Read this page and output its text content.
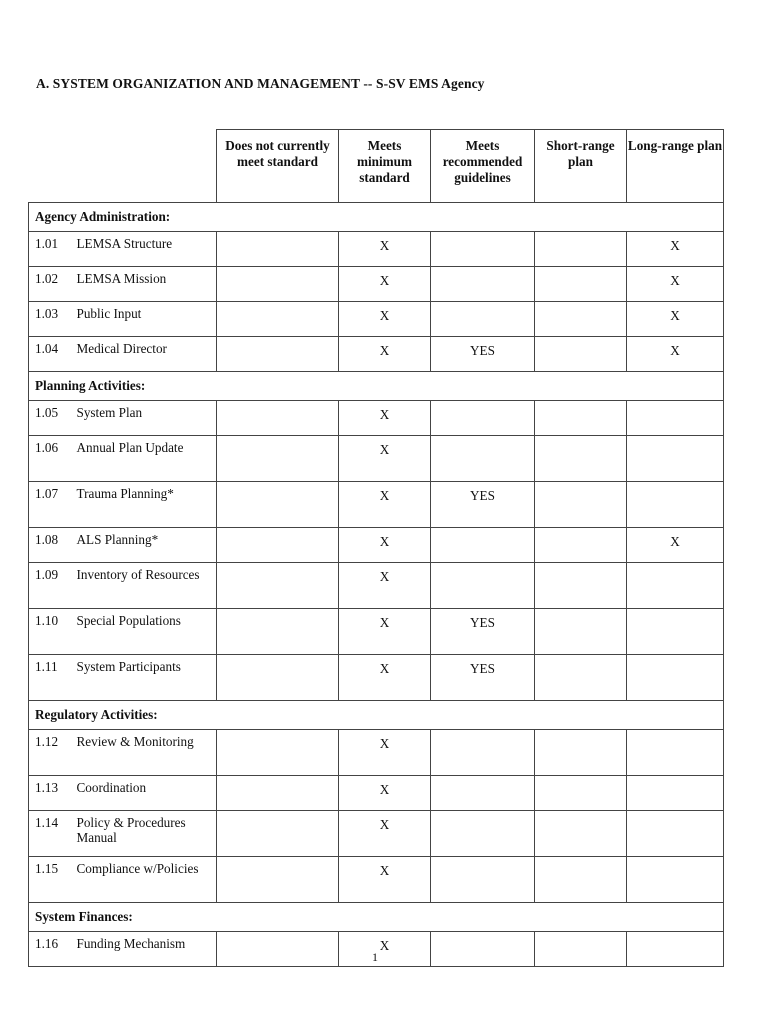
A. SYSTEM ORGANIZATION AND MANAGEMENT -- S-SV EMS Agency
		Does not currently meet standard	Meets minimum standard	Meets recommended guidelines	Short-range plan	Long-range plan
Agency Administration:						
1.01	LEMSA Structure		X			X
1.02	LEMSA Mission		X			X
1.03	Public Input		X			X
1.04	Medical Director		X	YES		X
Planning Activities:						
1.05	System Plan		X			
1.06	Annual Plan Update		X			
1.07	Trauma Planning*		X	YES		
1.08	ALS Planning*		X			X
1.09	Inventory of Resources		X			
1.10	Special Populations		X	YES		
1.11	System Participants		X	YES		
Regulatory Activities:						
1.12	Review & Monitoring		X			
1.13	Coordination		X			
1.14	Policy & Procedures Manual		X			
1.15	Compliance w/Policies		X			
System Finances:						
1.16	Funding Mechanism		X			
1
